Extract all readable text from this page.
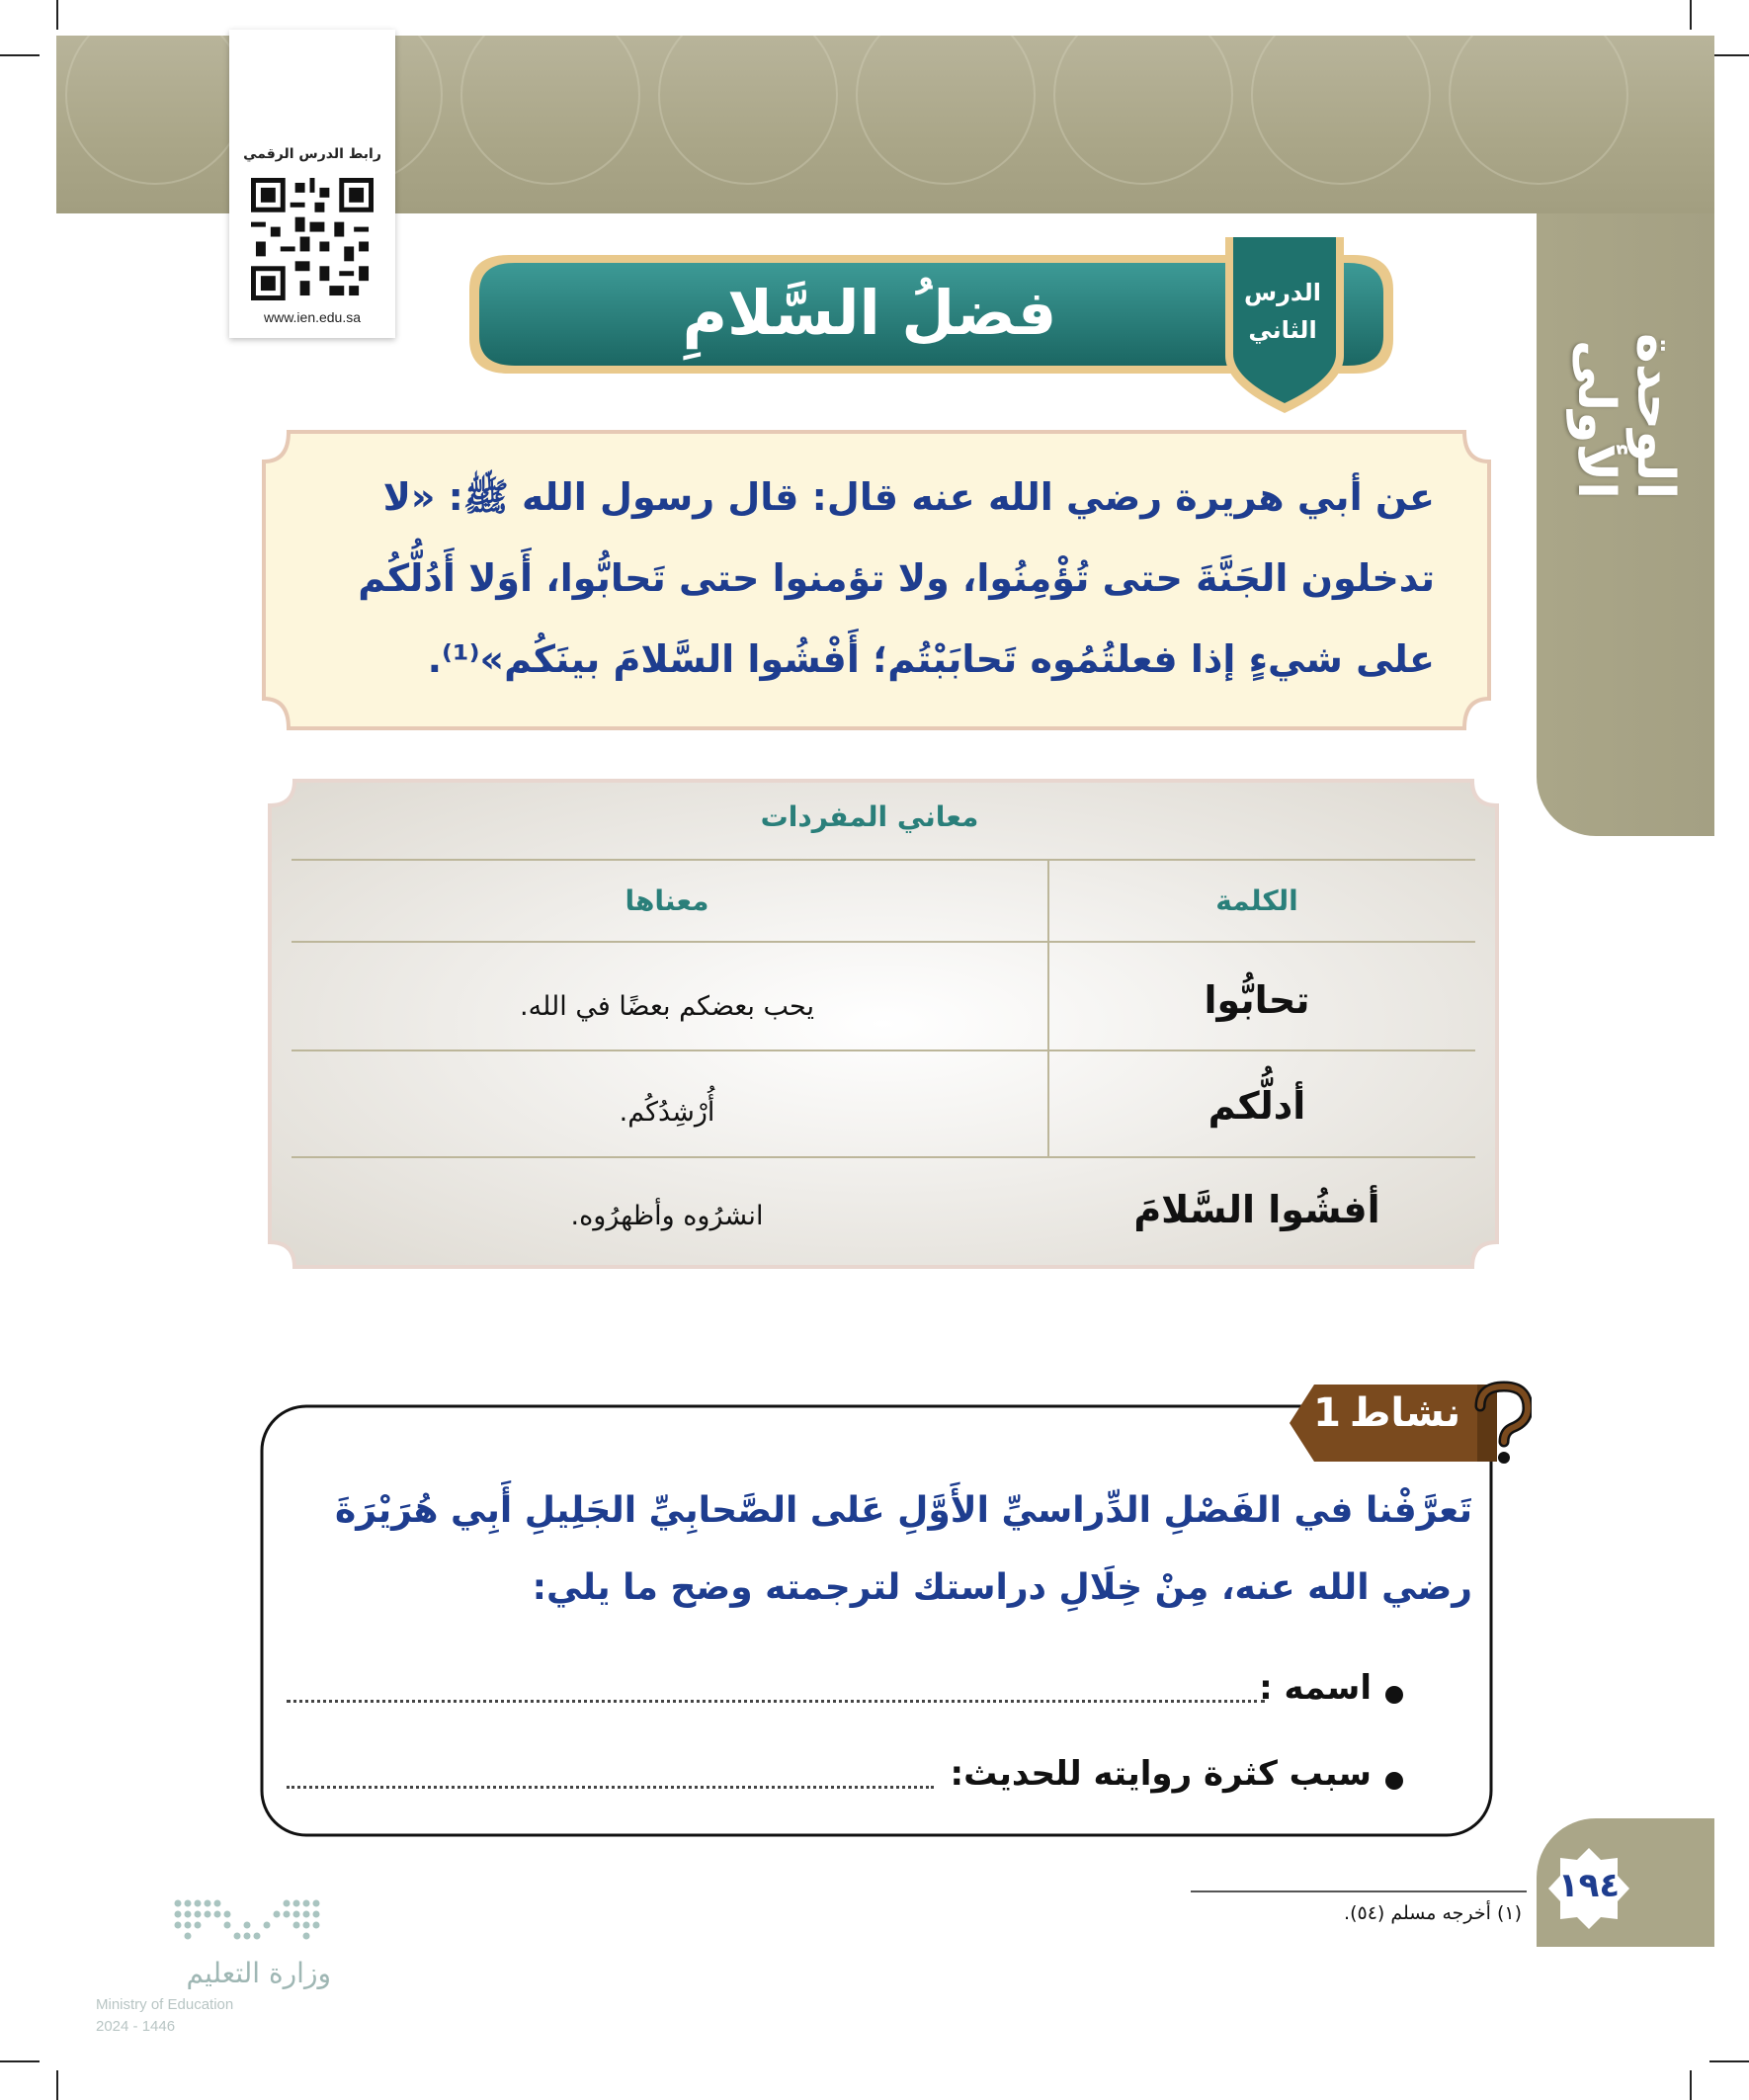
الوحدة الأولى
رابط الدرس الرقمي
www.ien.edu.sa	فضلُ السَّلامِ	الدرس
الثاني
عن أبي هريرة رضي الله عنه قال: قال رسول الله ﷺ: «لا تدخلون الجَنَّةَ حتى تُؤْمِنُوا، ولا تؤمنوا حتى تَحابُّوا، أَوَلا أَدُلُّكُم على شيءٍ إذا فعلتُمُوه تَحابَبْتُم؛ أَفْشُوا السَّلامَ بينَكُم»⁽¹⁾.
معاني المفردات
الكلمة
معناها
تحابُّوا
يحب بعضكم بعضًا في الله.
أدلُّكم
أُرْشِدُكُم.
أفشُوا السَّلامَ
انشرُوه وأظهرُوه.
نشاط
1
تَعرَّفْنا في الفَصْلِ الدِّراسيِّ الأَوَّلِ عَلى الصَّحابِيِّ الجَلِيلِ أَبِي هُرَيْرَةَ رضي الله عنه، مِنْ خِلَالِ دراستك لترجمته وضح ما يلي:
اسمه :
سبب كثرة روايته للحديث:
١٩٤
(١) أخرجه مسلم (٥٤).
وزارة التعليم
Ministry of Education
2024 - 1446
